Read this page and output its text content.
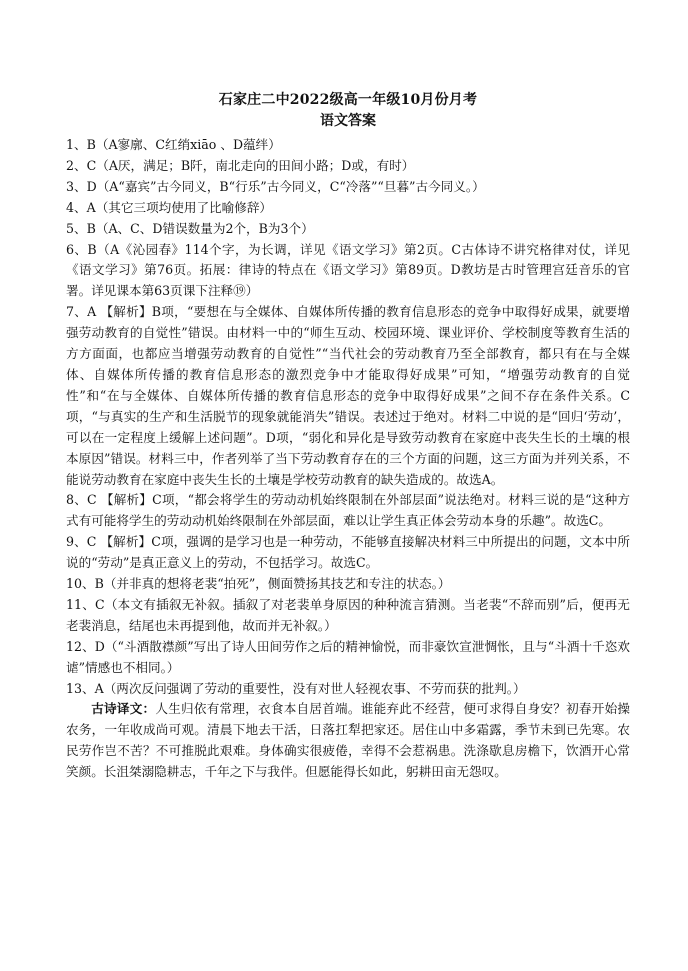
石家庄二中2022级高一年级10月份月考
语文答案

1、B（A寥廓、C红绡xiāo 、D蕴绊）

2、C（A厌，满足；B阡，南北走向的田间小路；D或，有时）

3、D（A“嘉宾”古今同义，B“行乐”古今同义，C“冷落”“旦暮”古今同义。）

4、A（其它三项均使用了比喻修辞）

5、B（A、C、D错误数量为2个，B为3个）

6、B（A《沁园春》114个字，为长调，详见《语文学习》第2页。C古体诗不讲究格律对仗，详见《语文学习》第76页。拓展：律诗的特点在《语文学习》第89页。D教坊是古时管理宫廷音乐的官署。详见课本第63页课下注释⑲）

7、A 【解析】B项，“要想在与全媒体、自媒体所传播的教育信息形态的竞争中取得好成果，就要增强劳动教育的自觉性”错误。由材料一中的“师生互动、校园环境、课业评价、学校制度等教育生活的方方面面，也都应当增强劳动教育的自觉性”“当代社会的劳动教育乃至全部教育，都只有在与全媒体、自媒体所传播的教育信息形态的激烈竞争中才能取得好成果”可知，“增强劳动教育的自觉性”和“在与全媒体、自媒体所传播的教育信息形态的竞争中取得好成果”之间不存在条件关系。C项，“与真实的生产和生活脱节的现象就能消失”错误。表述过于绝对。材料二中说的是“回归‘劳动’，可以在一定程度上缓解上述问题”。D项，“弱化和异化是导致劳动教育在家庭中丧失生长的土壤的根本原因”错误。材料三中，作者列举了当下劳动教育存在的三个方面的问题，这三方面为并列关系，不能说劳动教育在家庭中丧失生长的土壤是学校劳动教育的缺失造成的。故选A。

8、C 【解析】C项，“都会将学生的劳动动机始终限制在外部层面”说法绝对。材料三说的是“这种方式有可能将学生的劳动动机始终限制在外部层面，难以让学生真正体会劳动本身的乐趣”。故选C。

9、C 【解析】C项，强调的是学习也是一种劳动，不能够直接解决材料三中所提出的问题，文本中所说的“劳动”是真正意义上的劳动，不包括学习。故选C。

10、B（并非真的想将老裴“拍死”，侧面赞扬其技艺和专注的状态。）

11、C（本文有插叙无补叙。插叙了对老裴单身原因的种种流言猜测。当老裴“不辞而别”后，便再无老裴消息，结尾也未再提到他，故而并无补叙。）

12、D（“斗酒散襟颜”写出了诗人田间劳作之后的精神愉悦，而非豪饮宣泄惆怅，且与“斗酒十千恣欢谑”情感也不相同。）

13、A（两次反问强调了劳动的重要性，没有对世人轻视农事、不劳而获的批判。）

古诗译文：人生归依有常理，衣食本自居首端。谁能弃此不经营，便可求得自身安？初春开始操农务，一年收成尚可观。清晨下地去干活，日落扛犁把家还。居住山中多霜露，季节未到已先寒。农民劳作岂不苦？不可推脱此艰难。身体确实很疲倦，幸得不会惹祸患。洗涤歇息房檐下，饮酒开心常笑颜。长沮桀溺隐耕志，千年之下与我伴。但愿能得长如此，躬耕田亩无怨叹。
